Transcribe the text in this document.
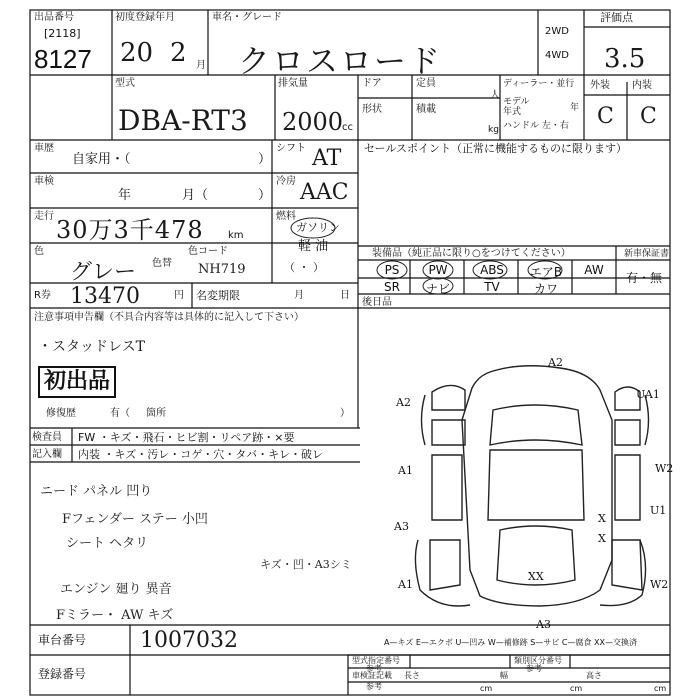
出品番号
[2118]
8127
初度登録年月
20 2 月
車名・グレード
クロスロード
2WD
4WD
評価点
3.5
型式
DBA-RT3
排気量
2000
cc
ドア	定員
人
形状	積載
kg
ディーラー・並行
モデル
年式	年
ハンドル 左・右
外装 内装
C C
車歴
自家用・（	）
シフト AT セールスポイント（正常に機能するものに限ります）
車検
年	月（	）
冷房 AAC
走行 30万3千478 km
燃料
ガソリン
軽 油
（ ・ ）
色
グレー 色替
色コード
NH719
R券 13470	円 名変期限	月	日
装備品（純正品に限り○をつけてください）	新車保証書
PS	PW	ABS	エアB	AW
SR	ナビ	TV	カワ
有・無
後日品
注意事項申告欄（不具合内容等は具体的に記入して下さい）
・スタッドレスT
初出品
修復歴	有（ 箇所	）
検査員 FW ・キズ・飛石・ヒビ割・リペア跡・×要
記入欄 内装 ・キズ・汚レ・コゲ・穴・タバ・キレ・破レ
ニード パネル 凹り
Fフェンダー ステー 小凹
シート ヘタリ
キズ・凹・A3シミ
エンジン 廻り 異音
Fミラー・ AW キズ
A2
A2
UA1
A1	W2
U1
A3
X
X
XX
A1	W2
A3
A—キズ E—エクボ U—凹み W—補修跡 S—サビ C—腐食 XX—交換済
車台番号 1007032
登録番号
型式指定番号
参考
類別区分番号
参考
車検証記載
参考
長さ
cm
幅
cm
高さ
cm
